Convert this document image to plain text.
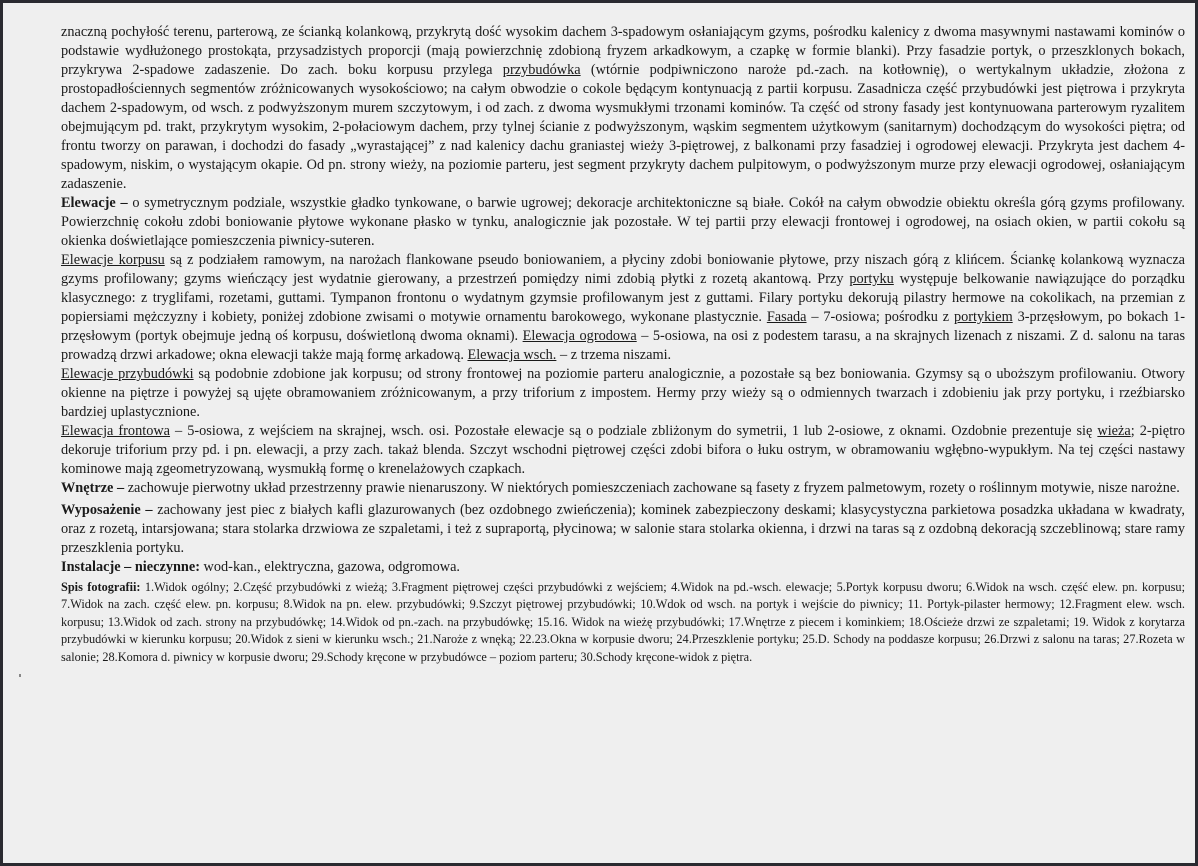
znaczną pochyłość terenu, parterową, ze ścianką kolankową, przykrytą dość wysokim dachem 3-spadowym osłaniającym gzyms, pośrodku kalenicy z dwoma masywnymi nastawami kominów o podstawie wydłużonego prostokąta, przysadzistych proporcji (mają powierzchnię zdobioną fryzem arkadkowym, a czapkę w formie blanki). Przy fasadzie portyk, o przeszklonych bokach, przykrywa 2-spadowe zadaszenie. Do zach. boku korpusu przylega przybudówka (wtórnie podpiwniczono naroże pd.-zach. na kotłownię), o wertykalnym układzie, złożona z prostopadłościennych segmentów zróżnicowanych wysokościowo; na całym obwodzie o cokole będącym kontynuacją z partii korpusu. Zasadnicza część przybudówki jest piętrowa i przykryta dachem 2-spadowym, od wsch. z podwyższonym murem szczytowym, i od zach. z dwoma wysmukłymi trzonami kominów. Ta część od strony fasady jest kontynuowana parterowym ryzalitem obejmującym pd. trakt, przykrytym wysokim, 2-połaciowym dachem, przy tylnej ścianie z podwyższonym, wąskim segmentem użytkowym (sanitarnym) dochodzącym do wysokości piętra; od frontu tworzy on parawan, i dochodzi do fasady „wyrastającej” z nad kalenicy dachu graniastej wieży 3-piętrowej, z balkonami przy fasadziej i ogrodowej elewacji. Przykryta jest dachem 4-spadowym, niskim, o wystającym okapie. Od pn. strony wieży, na poziomie parteru, jest segment przykryty dachem pulpitowym, o podwyższonym murze przy elewacji ogrodowej, osłaniającym zadaszenie.

Elewacje – o symetrycznym podziale, wszystkie gładko tynkowane, o barwie ugrowej; dekoracje architektoniczne są białe. Cokół na całym obwodzie obiektu określa górą gzyms profilowany. Powierzchnię cokołu zdobi boniowanie płytowe wykonane płasko w tynku, analogicznie jak pozostałe. W tej partii przy elewacji frontowej i ogrodowej, na osiach okien, w partii cokołu są okienka doświetlające pomieszczenia piwnicy-suteren.

Elewacje korpusu są z podziałem ramowym, na narożach flankowane pseudo boniowaniem, a płyciny zdobi boniowanie płytowe, przy niszach górą z klińcem. Ściankę kolankową wyznacza gzyms profilowany; gzyms wieńczący jest wydatnie gierowany, a przestrzeń pomiędzy nimi zdobią płytki z rozetą akantową. Przy portyku występuje belkowanie nawiązujące do porządku klasycznego: z tryglifami, rozetami, guttami. Tympanon frontonu o wydatnym gzymsie profilowanym jest z guttami. Filary portyku dekorują pilastry hermowe na cokolikach, na przemian z popiersiami mężczyzny i kobiety, poniżej zdobione zwisami o motywie ornamentu barokowego, wykonane plastycznie. Fasada – 7-osiowa; pośrodku z portykiem 3-przęsłowym, po bokach 1-przęsłowym (portyk obejmuje jedną oś korpusu, doświetloną dwoma oknami). Elewacja ogrodowa – 5-osiowa, na osi z podestem tarasu, a na skrajnych lizenach z niszami. Z d. salonu na taras prowadzą drzwi arkadowe; okna elewacji także mają formę arkadową. Elewacja wsch. – z trzema niszami.

Elewacje przybudówki są podobnie zdobione jak korpusu; od strony frontowej na poziomie parteru analogicznie, a pozostałe są bez boniowania. Gzymsy są o uboższym profilowaniu. Otwory okienne na piętrze i powyżej są ujęte obramowaniem zróżnicowanym, a przy triforium z impostem. Hermy przy wieży są o odmiennych twarzach i zdobieniu jak przy portyku, i rzeźbiarsko bardziej uplastycznione.

Elewacja frontowa – 5-osiowa, z wejściem na skrajnej, wsch. osi. Pozostałe elewacje są o podziale zbliżonym do symetrii, 1 lub 2-osiowe, z oknami. Ozdobnie prezentuje się wieża; 2-piętro dekoruje triforium przy pd. i pn. elewacji, a przy zach. takaż blenda. Szczyt wschodni piętrowej części zdobi bifora o łuku ostrym, w obramowaniu wgłębno-wypukłym. Na tej części nastawy kominowe mają zgeometryzowaną, wysmukłą formę o krenelażowych czapkach.

Wnętrze – zachowuje pierwotny układ przestrzenny prawie nienaruszony. W niektórych pomieszczeniach zachowane są fasety z fryzem palmetowym, rozety o roślinnym motywie, nisze narożne.

Wyposażenie – zachowany jest piec z białych kafli glazurowanych (bez ozdobnego zwieńczenia); kominek zabezpieczony deskami; klasycystyczna parkietowa posadzka układana w kwadraty, oraz z rozetą, intarsjowana; stara stolarka drzwiowa ze szpaletami, i też z supraportą, płycinowa; w salonie stara stolarka okienna, i drzwi na taras są z ozdobną dekoracją szczeblinową; stare ramy przeszklenia portyku.

Instalacje – nieczynne: wod-kan., elektryczna, gazowa, odgromowa.

Spis fotografii: 1.Widok ogólny; 2.Część przybudówki z wieżą; 3.Fragment piętrowej części przybudówki z wejściem; 4.Widok na pd.-wsch. elewacje; 5.Portyk korpusu dworu; 6.Widok na wsch. część elew. pn. korpusu; 7.Widok na zach. część elew. pn. korpusu; 8.Widok na pn. elew. przybudówki; 9.Szczyt piętrowej przybudówki; 10.Wdok od wsch. na portyk i wejście do piwnicy; 11. Portyk-pilaster hermowy; 12.Fragment elew. wsch. korpusu; 13.Widok od zach. strony na przybudówkę; 14.Widok od pn.-zach. na przybudówkę; 15.16. Widok na wieżę przybudówki; 17.Wnętrze z piecem i kominkiem; 18.Ościeże drzwi ze szpaletami; 19. Widok z korytarza przybudówki w kierunku korpusu; 20.Widok z sieni w kierunku wsch.; 21.Naroże z wnęką; 22.23.Okna w korpusie dworu; 24.Przeszklenie portyku; 25.D. Schody na poddasze korpusu; 26.Drzwi z salonu na taras; 27.Rozeta w salonie; 28.Komora d. piwnicy w korpusie dworu; 29.Schody kręcone w przybudówce – poziom parteru; 30.Schody kręcone-widok z piętra.
